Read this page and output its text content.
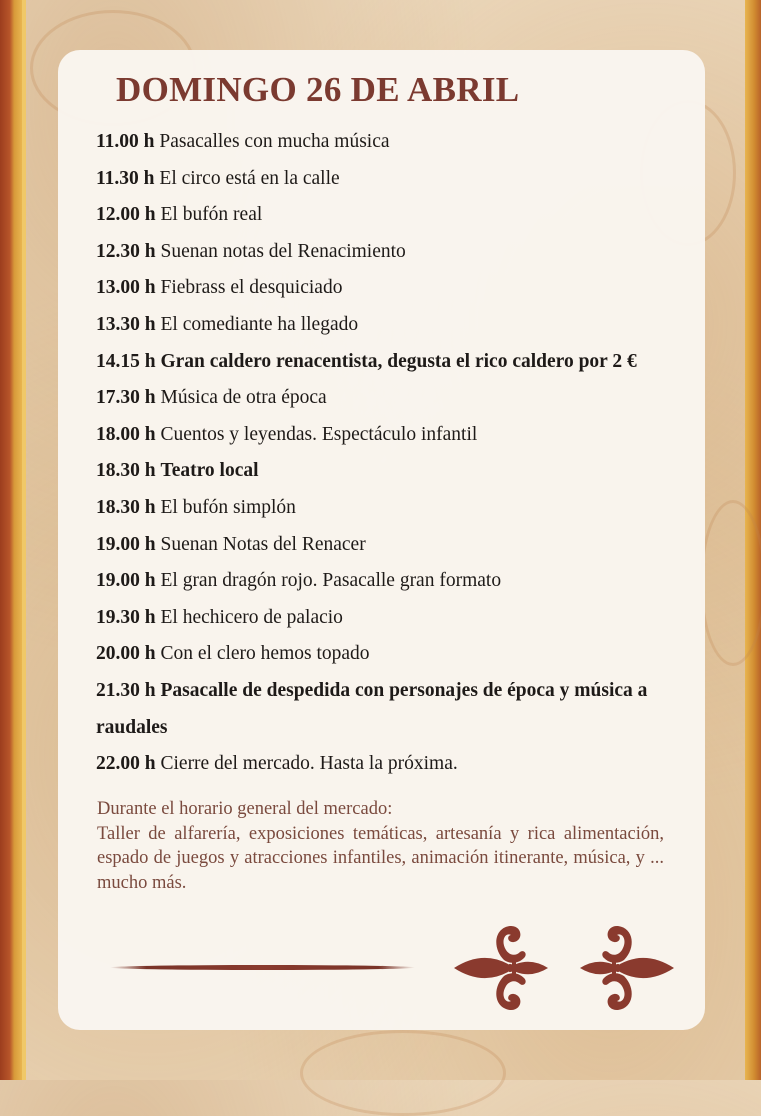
DOMINGO 26 DE ABRIL
11.00 h Pasacalles con mucha música
11.30 h El circo está en la calle
12.00 h El bufón real
12.30 h Suenan notas del Renacimiento
13.00 h Fiebrass el desquiciado
13.30 h El comediante ha llegado
14.15 h Gran caldero renacentista, degusta el rico caldero por 2 €
17.30 h Música de otra época
18.00 h Cuentos y leyendas. Espectáculo infantil
18.30 h Teatro local
18.30 h El bufón simplón
19.00 h Suenan Notas del Renacer
19.00 h El gran dragón rojo. Pasacalle gran formato
19.30 h El hechicero de palacio
20.00 h Con el clero hemos topado
21.30 h Pasacalle de despedida con personajes de época y música a raudales
22.00 h Cierre del mercado. Hasta la próxima.
Durante el horario general del mercado:
Taller de alfarería, exposiciones temáticas, artesanía y rica alimentación, espado de juegos y atracciones infantiles, animación itinerante, música, y ... mucho más.
